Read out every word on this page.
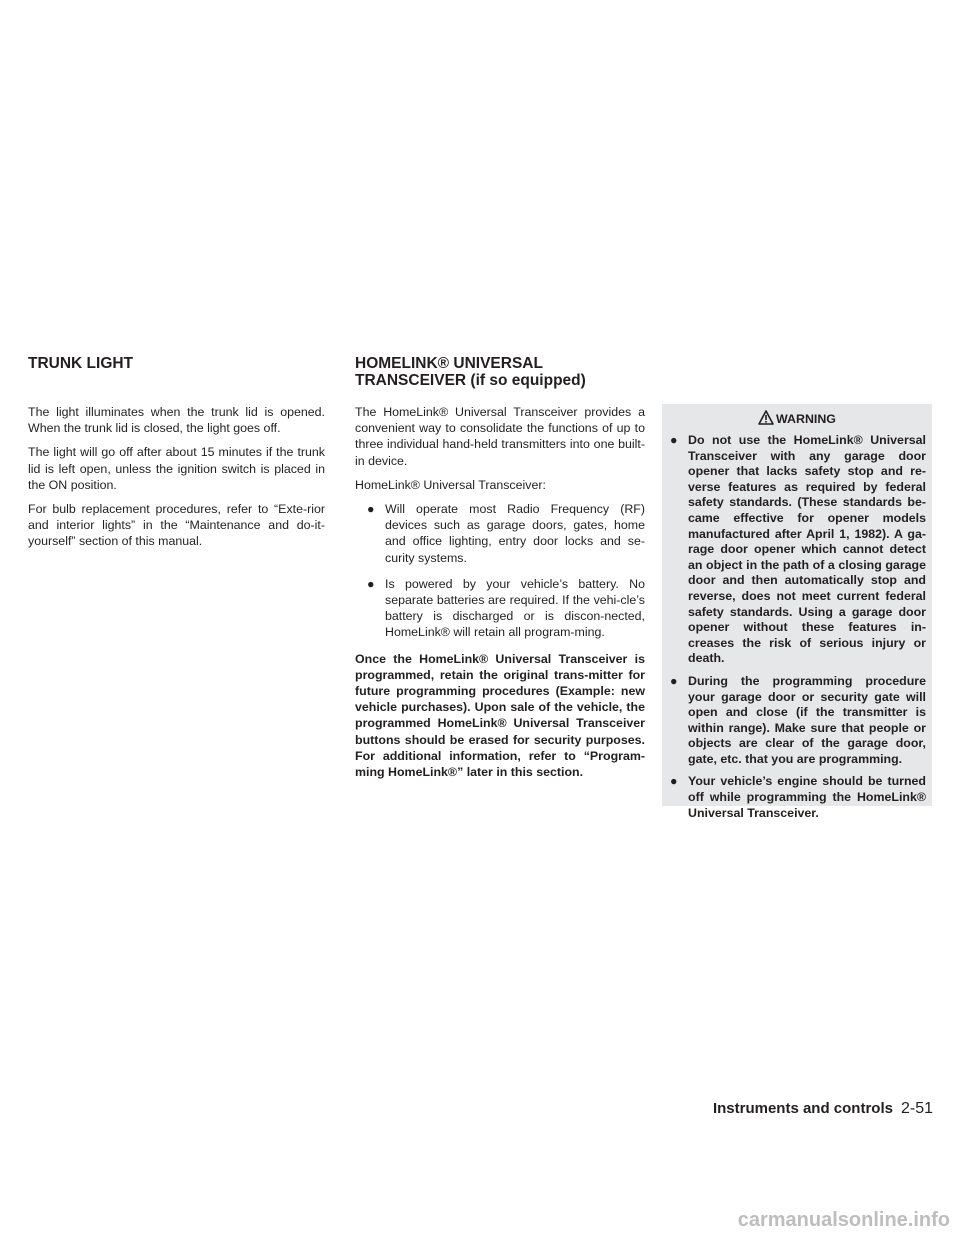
TRUNK LIGHT

The light illuminates when the trunk lid is opened. When the trunk lid is closed, the light goes off.

The light will go off after about 15 minutes if the trunk lid is left open, unless the ignition switch is placed in the ON position.

For bulb replacement procedures, refer to “Exte-rior and interior lights” in the “Maintenance and do-it-yourself” section of this manual.

HOMELINK® UNIVERSAL
TRANSCEIVER (if so equipped)

The HomeLink® Universal Transceiver provides a convenient way to consolidate the functions of up to three individual hand-held transmitters into one built-in device.

HomeLink® Universal Transceiver:

● Will operate most Radio Frequency (RF) devices such as garage doors, gates, home and office lighting, entry door locks and se-curity systems.
● Is powered by your vehicle’s battery. No separate batteries are required. If the vehi-cle’s battery is discharged or is discon-nected, HomeLink® will retain all program-ming.

Once the HomeLink® Universal Transceiver is programmed, retain the original trans-mitter for future programming procedures (Example: new vehicle purchases). Upon sale of the vehicle, the programmed HomeLink® Universal Transceiver buttons should be erased for security purposes. For additional information, refer to “Program-ming HomeLink®” later in this section.

WARNING
● Do not use the HomeLink® Universal Transceiver with any garage door opener that lacks safety stop and re-verse features as required by federal safety standards. (These standards be-came effective for opener models manufactured after April 1, 1982). A ga-rage door opener which cannot detect an object in the path of a closing garage door and then automatically stop and reverse, does not meet current federal safety standards. Using a garage door opener without these features in-creases the risk of serious injury or death.
● During the programming procedure your garage door or security gate will open and close (if the transmitter is within range). Make sure that people or objects are clear of the garage door, gate, etc. that you are programming.
● Your vehicle’s engine should be turned off while programming the HomeLink® Universal Transceiver.
Instruments and controls 2-51
carmanualsonline.info
